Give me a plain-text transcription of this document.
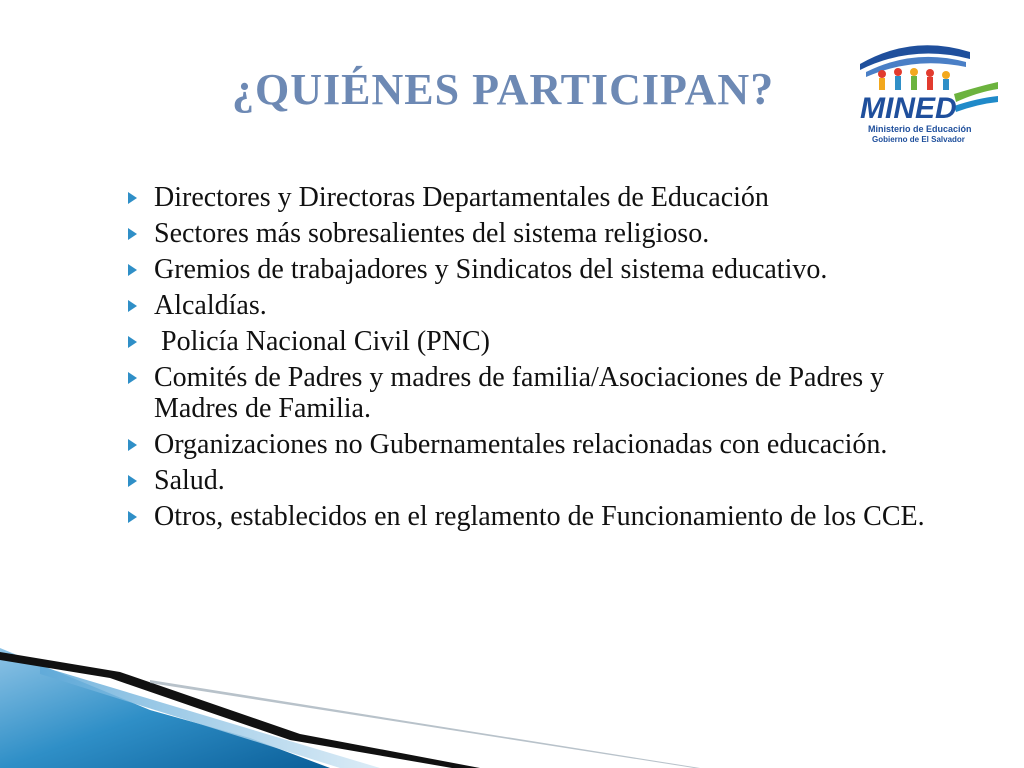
¿QUIÉNES PARTICIPAN?	MINED
Ministerio de Educación
Gobierno de El Salvador
Directores y Directoras Departamentales de Educación
Sectores más sobresalientes del sistema religioso.
Gremios de trabajadores y Sindicatos del sistema educativo.
Alcaldías.
Policía Nacional Civil (PNC)
Comités de Padres y madres de familia/Asociaciones de Padres y Madres de Familia.
Organizaciones no Gubernamentales relacionadas con educación.
Salud.
Otros, establecidos en el reglamento de Funcionamiento de los CCE.
